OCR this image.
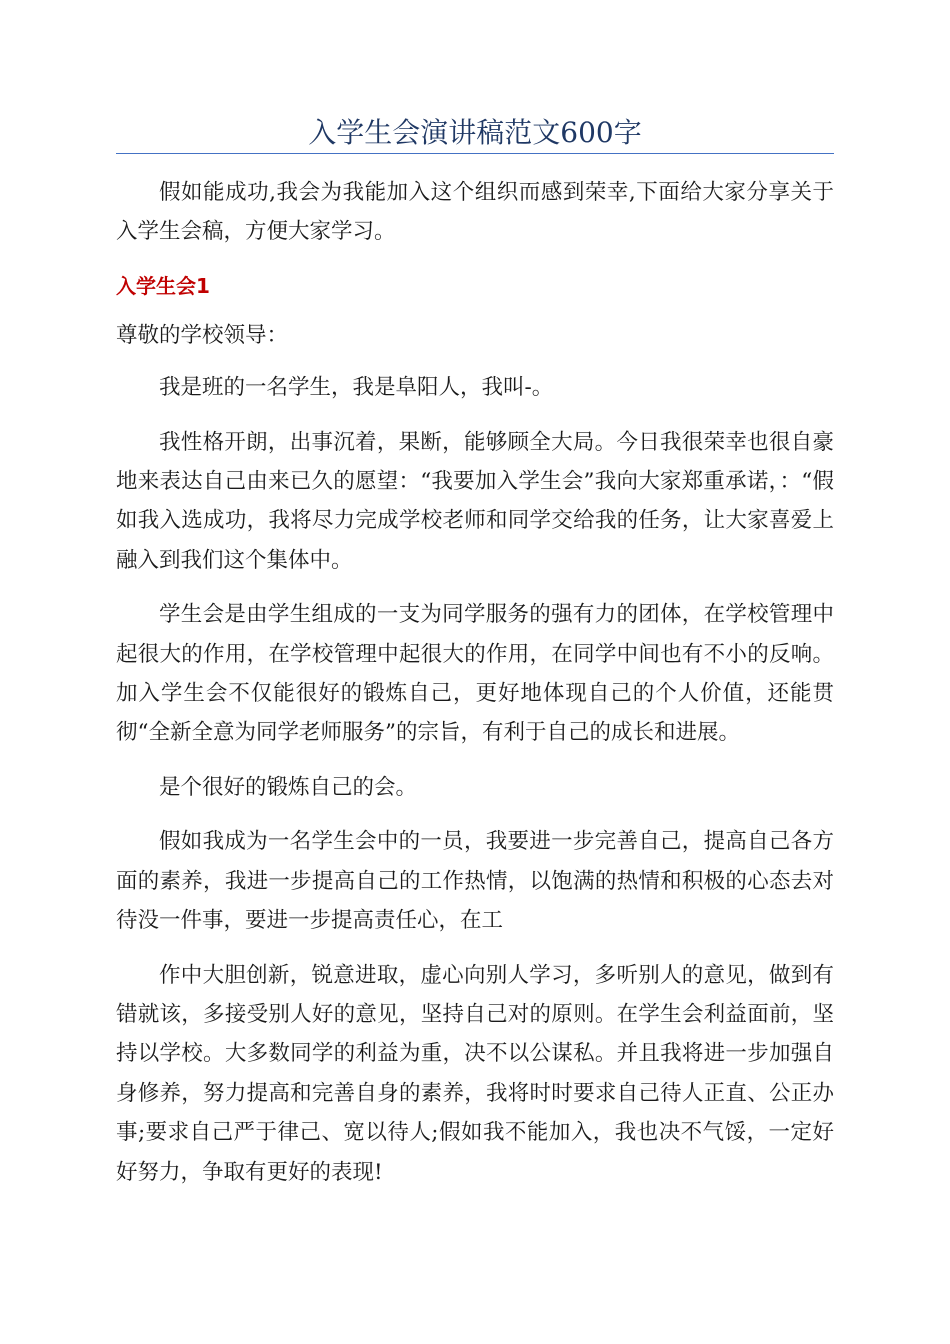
入学生会演讲稿范文600字

假如能成功,我会为我能加入这个组织而感到荣幸,下面给大家分享关于入学生会稿，方便大家学习。

入学生会1

尊敬的学校领导：

我是班的一名学生，我是阜阳人，我叫-。

我性格开朗，出事沉着，果断，能够顾全大局。今日我很荣幸也很自豪地来表达自己由来已久的愿望：“我要加入学生会”我向大家郑重承诺，：“假如我入选成功，我将尽力完成学校老师和同学交给我的任务，让大家喜爱上融入到我们这个集体中。

学生会是由学生组成的一支为同学服务的强有力的团体，在学校管理中起很大的作用，在学校管理中起很大的作用，在同学中间也有不小的反响。加入学生会不仅能很好的锻炼自己，更好地体现自己的个人价值，还能贯彻“全新全意为同学老师服务”的宗旨，有利于自己的成长和进展。

是个很好的锻炼自己的会。

假如我成为一名学生会中的一员，我要进一步完善自己，提高自己各方面的素养，我进一步提高自己的工作热情，以饱满的热情和积极的心态去对待没一件事，要进一步提高责任心，在工

作中大胆创新，锐意进取，虚心向别人学习，多听别人的意见，做到有错就该，多接受别人好的意见，坚持自己对的原则。在学生会利益面前，坚持以学校。大多数同学的利益为重，决不以公谋私。并且我将进一步加强自身修养，努力提高和完善自身的素养，我将时时要求自己待人正直、公正办事;要求自己严于律己、宽以待人;假如我不能加入，我也决不气馁，一定好好努力，争取有更好的表现!
